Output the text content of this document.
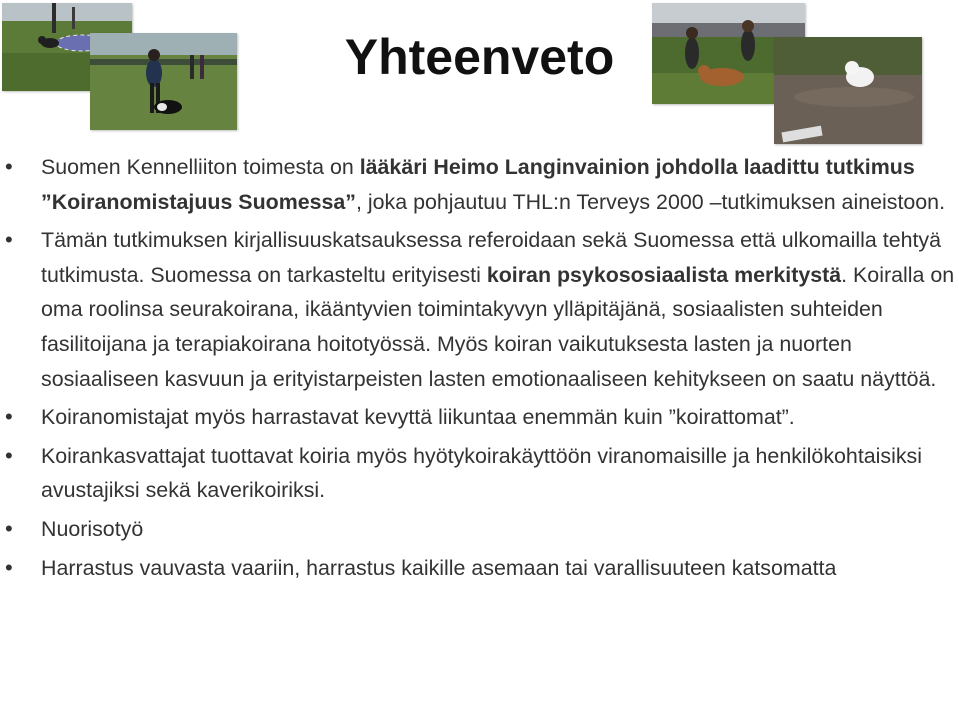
Yhteenveto
• Suomen Kennelliiton toimesta on lääkäri Heimo Langinvainion johdolla laadittu tutkimus ”Koiranomistajuus Suomessa”, joka pohjautuu THL:n Terveys 2000 –tutkimuksen aineistoon.
• Tämän tutkimuksen kirjallisuuskatsauksessa referoidaan sekä Suomessa että ulkomailla tehtyä tutkimusta. Suomessa on tarkasteltu erityisesti koiran psykososiaalista merkitystä. Koiralla on oma roolinsa seurakoirana, ikääntyvien toimintakyvyn ylläpitäjänä, sosiaalisten suhteiden fasilitoijana ja terapiakoirana hoitotyössä. Myös koiran vaikutuksesta lasten ja nuorten sosiaaliseen kasvuun ja erityistarpeisten lasten emotionaaliseen kehitykseen on saatu näyttöä.
• Koiranomistajat myös harrastavat kevyttä liikuntaa enemmän kuin ”koirattomat”.
• Koirankasvattajat tuottavat koiria myös hyötykoirakäyttöön viranomaisille ja henkilökohtaisiksi avustajiksi sekä kaverikoiriksi.
• Nuorisotyö
• Harrastus vauvasta vaariin, harrastus kaikille asemaan tai varallisuuteen katsomatta
